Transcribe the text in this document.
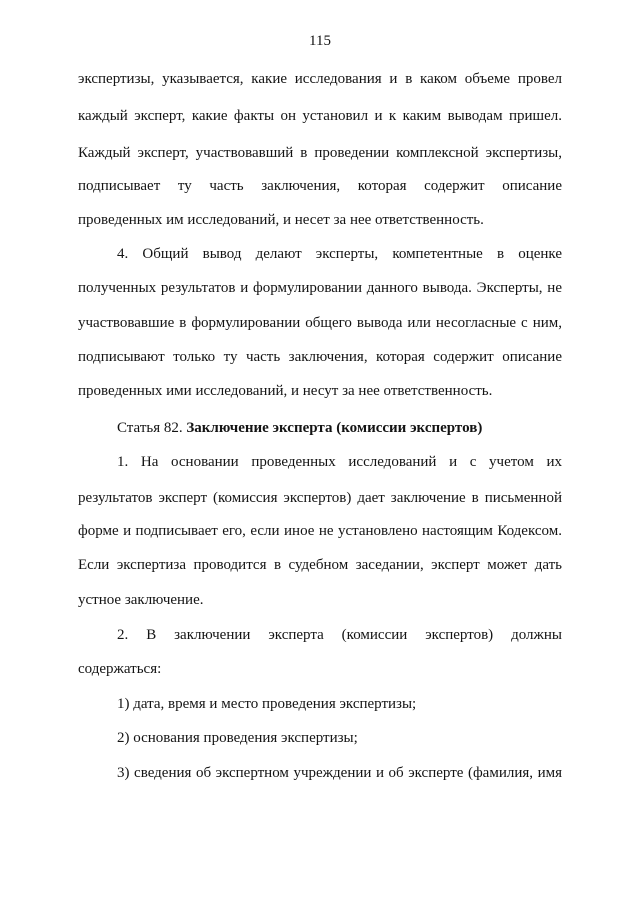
115
экспертизы, указывается, какие исследования и в каком объеме провел
каждый эксперт, какие факты он установил и к каким выводам пришел.
Каждый эксперт, участвовавший в проведении комплексной экспертизы,
подписывает ту часть заключения, которая содержит описание
проведенных им исследований, и несет за нее ответственность.
4. Общий вывод делают эксперты, компетентные в оценке
полученных результатов и формулировании данного вывода. Эксперты, не
участвовавшие в формулировании общего вывода или несогласные с ним,
подписывают только ту часть заключения, которая содержит описание
проведенных ими исследований, и несут за нее ответственность.
Статья 82. Заключение эксперта (комиссии экспертов)
1. На основании проведенных исследований и с учетом их
результатов эксперт (комиссия экспертов) дает заключение в письменной
форме и подписывает его, если иное не установлено настоящим Кодексом.
Если экспертиза проводится в судебном заседании, эксперт может дать
устное заключение.
2. В заключении эксперта (комиссии экспертов) должны
содержаться:
1) дата, время и место проведения экспертизы;
2) основания проведения экспертизы;
3) сведения об экспертном учреждении и об эксперте (фамилия, имя
